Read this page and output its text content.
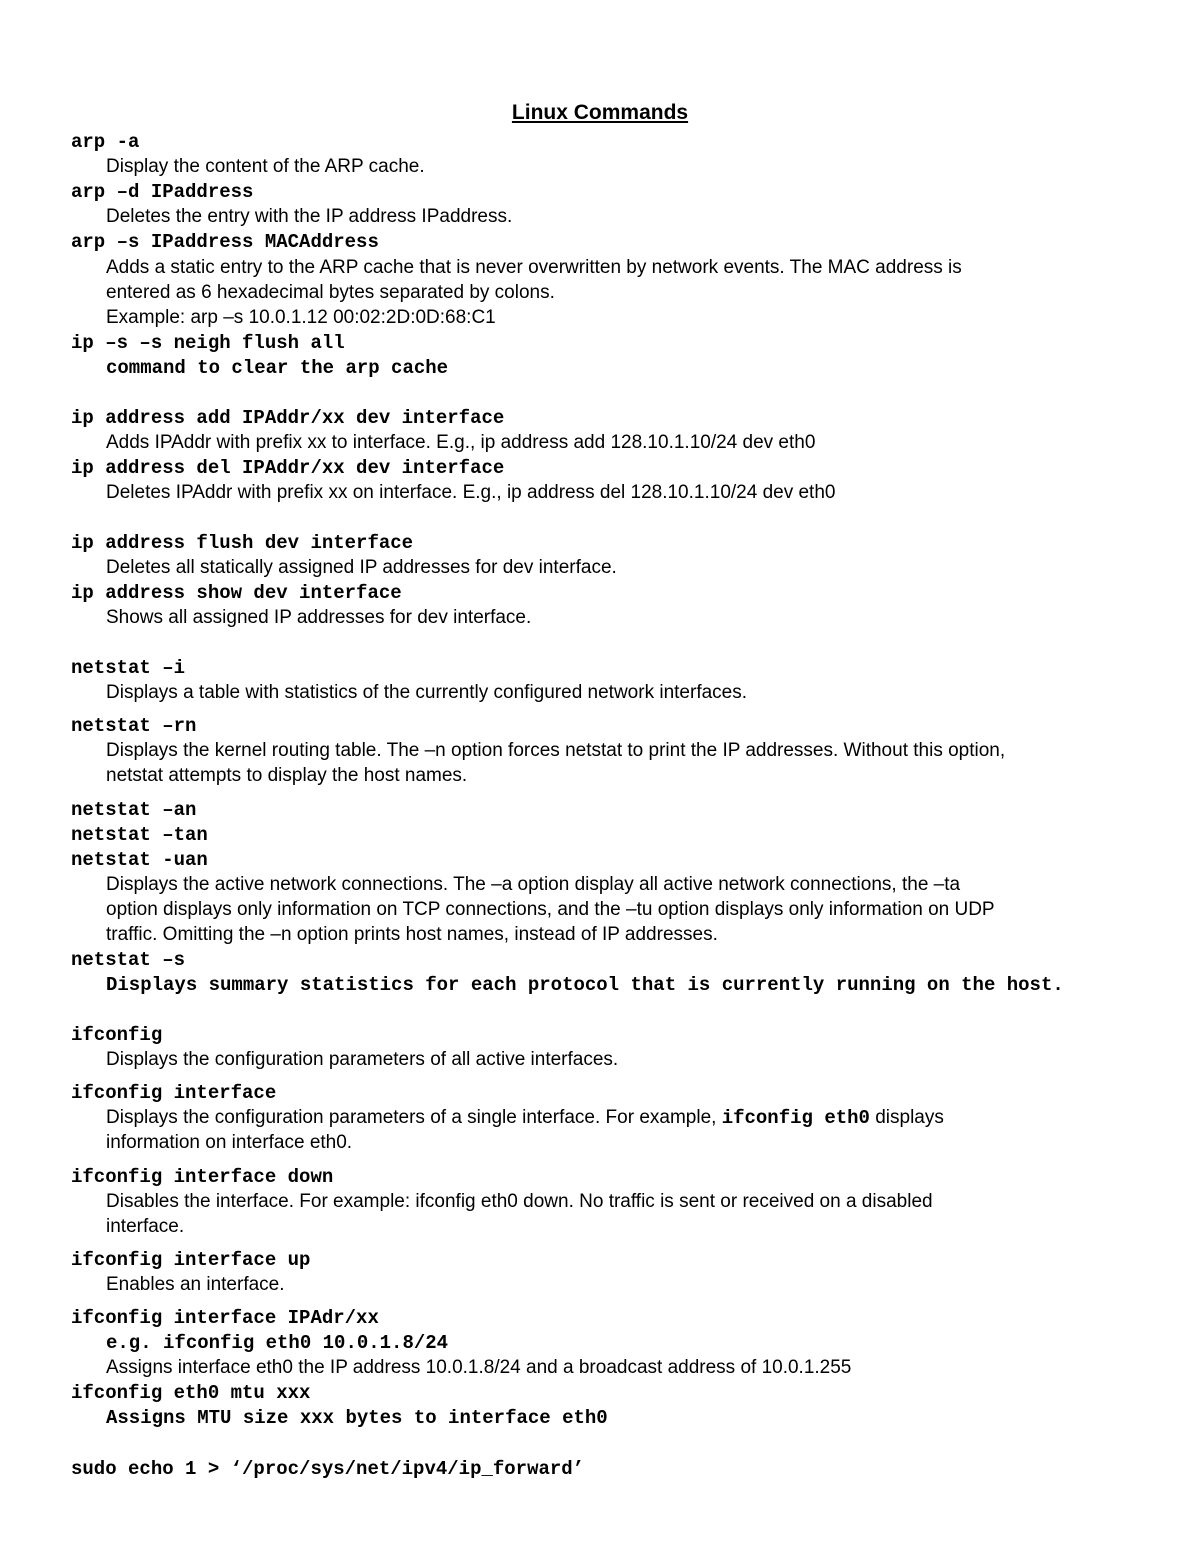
Linux Commands
arp -a
Display the content of the ARP cache.
arp –d IPaddress
Deletes the entry with the IP address IPaddress.
arp –s IPaddress MACAddress
Adds a static entry to the ARP cache that is never overwritten by network events. The MAC address is
entered as 6 hexadecimal bytes separated by colons.
Example: arp –s 10.0.1.12 00:02:2D:0D:68:C1
ip –s –s neigh flush all
command to clear the arp cache
ip address add IPAddr/xx dev interface
Adds IPAddr with prefix xx to interface. E.g., ip address add 128.10.1.10/24 dev eth0
ip address del IPAddr/xx dev interface
Deletes IPAddr with prefix xx on interface. E.g., ip address del 128.10.1.10/24 dev eth0
ip address flush dev interface
Deletes all statically assigned IP addresses for dev interface.
ip address show dev interface
Shows all assigned IP addresses for dev interface.
netstat –i
Displays a table with statistics of the currently configured network interfaces.
netstat –rn
Displays the kernel routing table. The –n option forces netstat to print the IP addresses. Without this option,
netstat attempts to display the host names.
netstat –an
netstat –tan
netstat -uan
Displays the active network connections. The –a option display all active network connections, the –ta
option displays only information on TCP connections, and the –tu option displays only information on UDP
traffic. Omitting the –n option prints host names, instead of IP addresses.
netstat –s
Displays summary statistics for each protocol that is currently running on the host.
ifconfig
Displays the configuration parameters of all active interfaces.
ifconfig interface
Displays the configuration parameters of a single interface. For example, ifconfig eth0 displays
information on interface eth0.
ifconfig interface down
Disables the interface. For example: ifconfig eth0 down. No traffic is sent or received on a disabled
interface.
ifconfig interface up
Enables an interface.
ifconfig interface IPAdr/xx
e.g. ifconfig eth0 10.0.1.8/24
Assigns interface eth0 the IP address 10.0.1.8/24 and a broadcast address of 10.0.1.255
ifconfig eth0 mtu xxx
Assigns MTU size xxx bytes to interface eth0
sudo echo 1 > ‘/proc/sys/net/ipv4/ip_forward’
